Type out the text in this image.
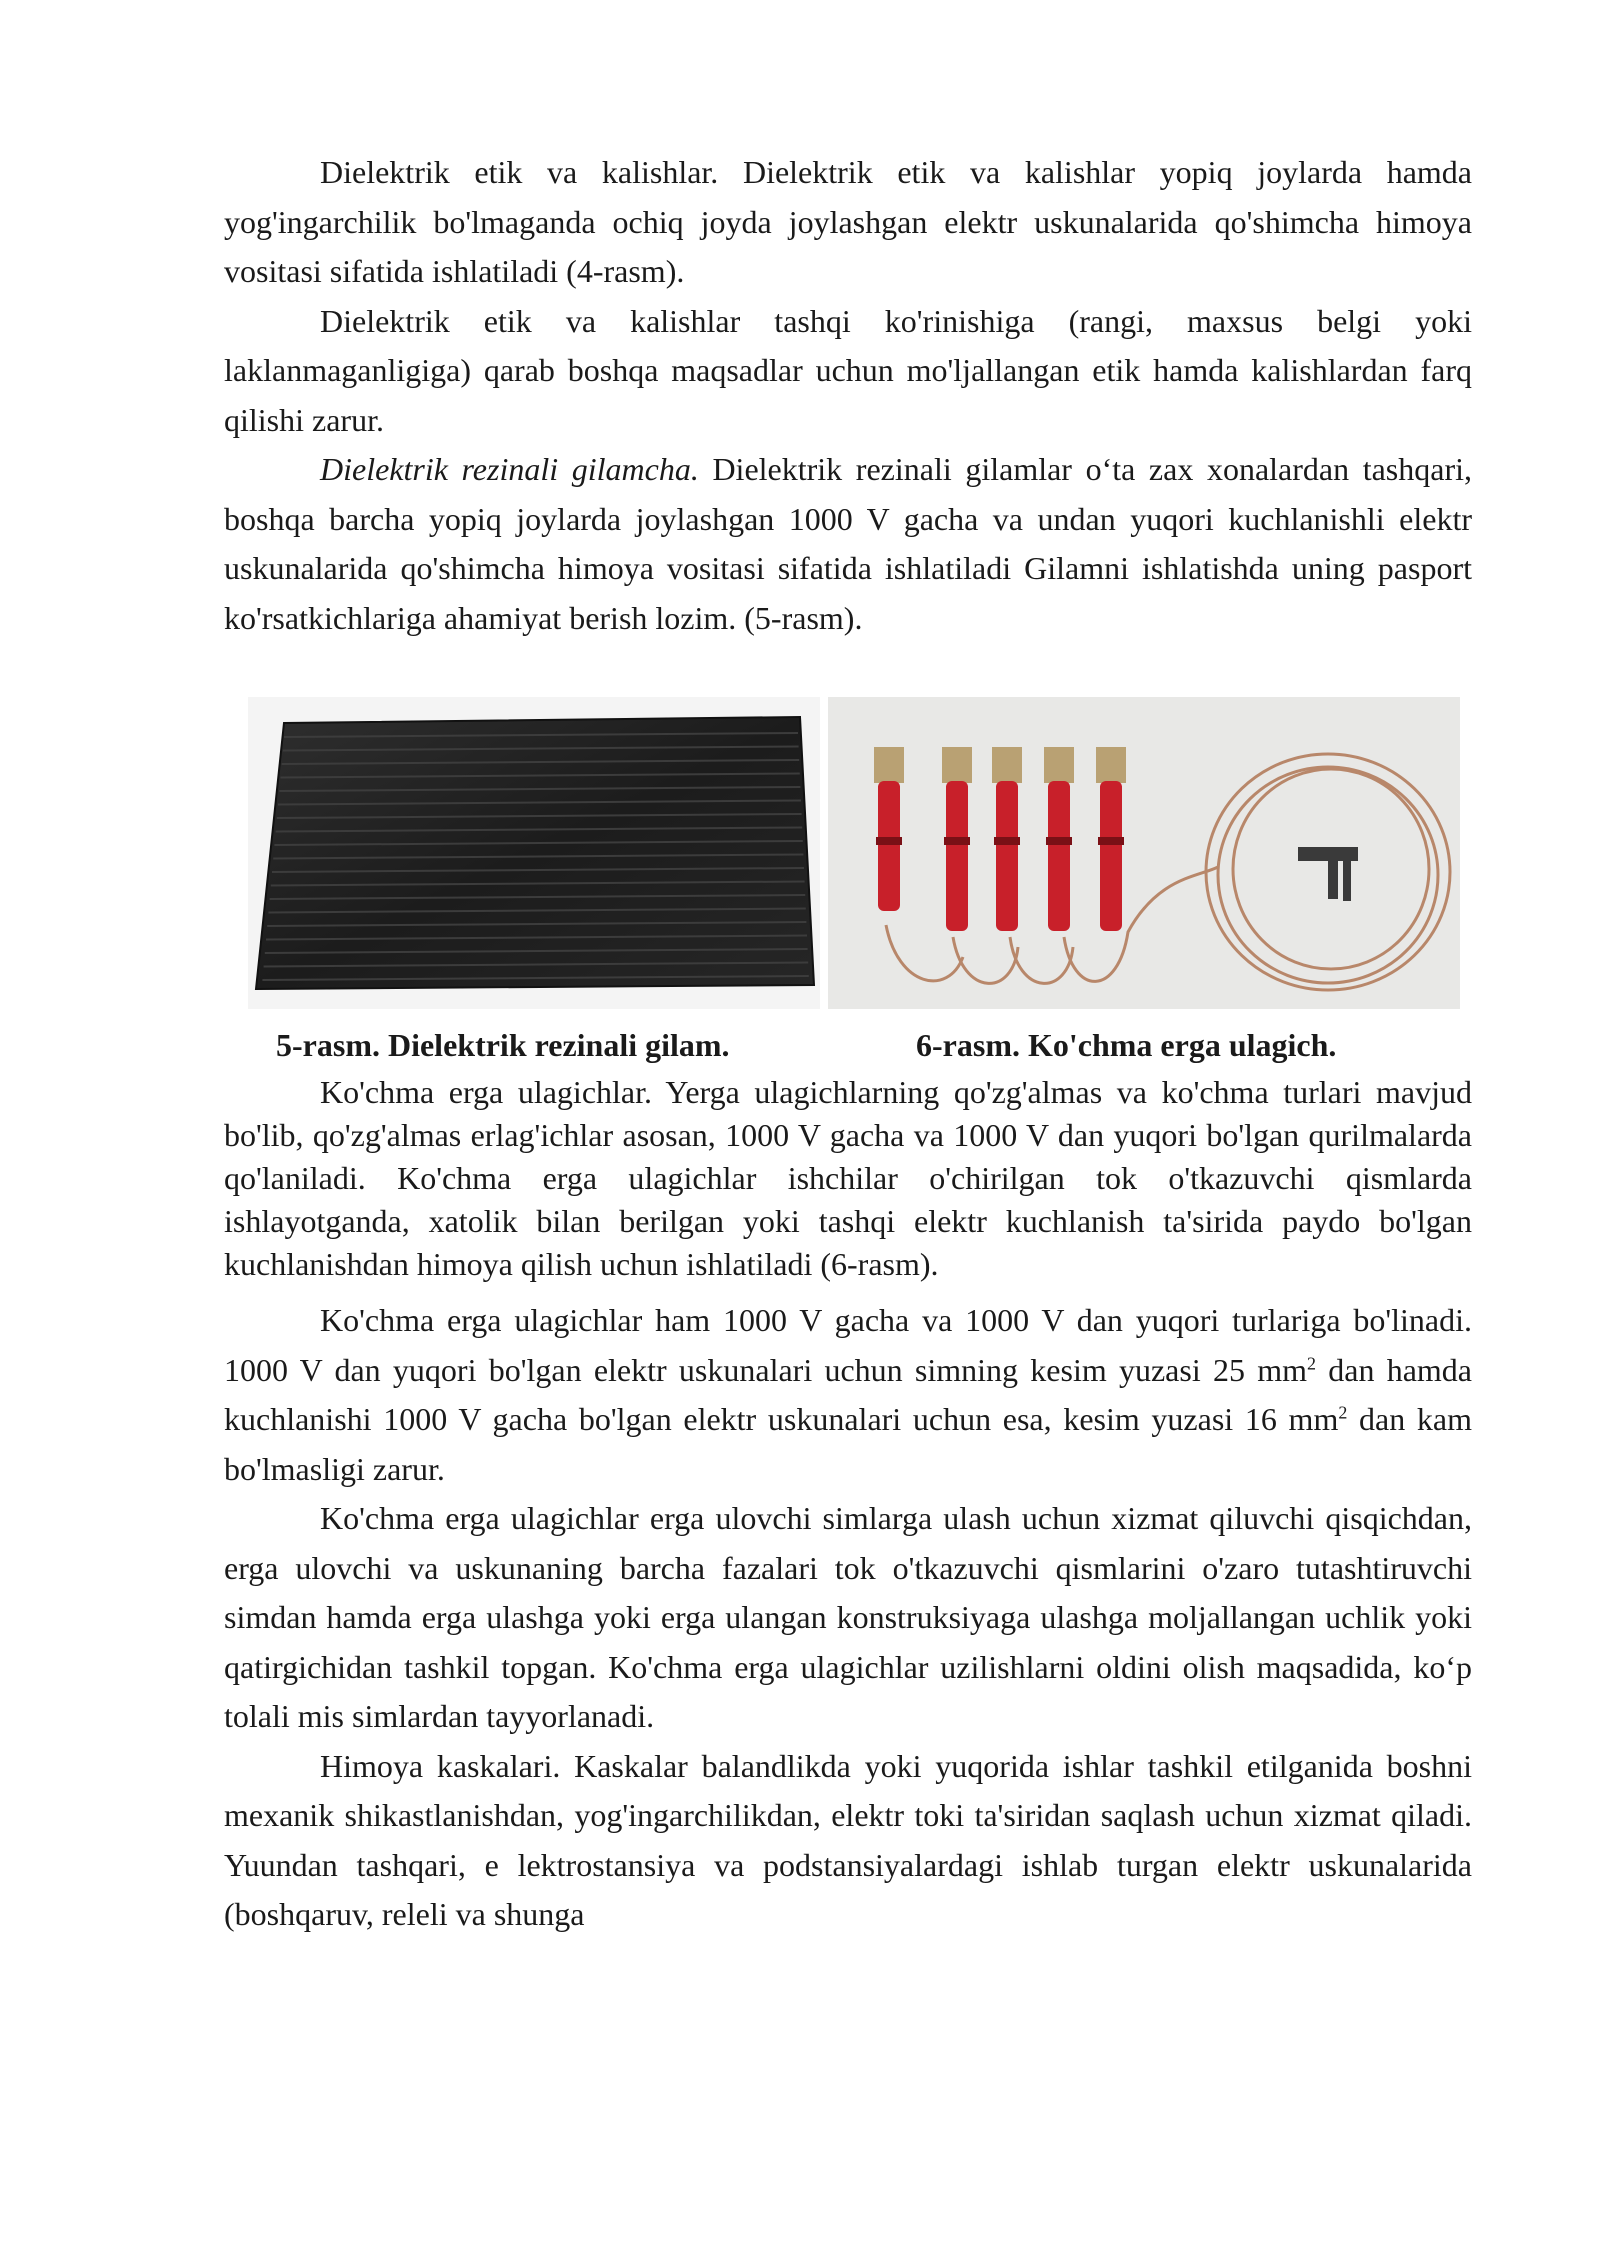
Dielektrik etik va kalishlar. Dielektrik etik va kalishlar yopiq joylarda hamda yog'ingarchilik bo'lmaganda ochiq joyda joylashgan elektr uskunalarida qo'shimcha himoya vositasi sifatida ishlatiladi (4-rasm).

Dielektrik etik va kalishlar tashqi ko'rinishiga (rangi, maxsus belgi yoki laklanmaganligiga) qarab boshqa maqsadlar uchun mo'ljallangan etik hamda kalishlardan farq qilishi zarur.

Dielektrik rezinali gilamcha. Dielektrik rezinali gilamlar o‘ta zax xonalardan tashqari, boshqa barcha yopiq joylarda joylashgan 1000 V gacha va undan yuqori kuchlanishli elektr uskunalarida qo'shimcha himoya vositasi sifatida ishlatiladi Gilamni ishlatishda uning pasport ko'rsatkichlariga ahamiyat berish lozim. (5-rasm).

5-rasm. Dielektrik rezinali gilam.	6-rasm. Ko'chma erga ulagich.

Ko'chma erga ulagichlar. Yerga ulagichlarning qo'zg'almas va ko'chma turlari mavjud bo'lib, qo'zg'almas erlag'ichlar asosan, 1000 V gacha va 1000 V dan yuqori bo'lgan qurilmalarda qo'laniladi. Ko'chma erga ulagichlar ishchilar o'chirilgan tok o'tkazuvchi qismlarda ishlayotganda, xatolik bilan berilgan yoki tashqi elektr kuchlanish ta'sirida paydo bo'lgan kuchlanishdan himoya qilish uchun ishlatiladi (6-rasm).

Ko'chma erga ulagichlar ham 1000 V gacha va 1000 V dan yuqori turlariga bo'linadi. 1000 V dan yuqori bo'lgan elektr uskunalari uchun simning kesim yuzasi 25 $mm^2$ dan hamda kuchlanishi 1000 V gacha bo'lgan elektr uskunalari uchun esa, kesim yuzasi 16 $mm^2$ dan kam bo'lmasligi zarur.

Ko'chma erga ulagichlar erga ulovchi simlarga ulash uchun xizmat qiluvchi qisqichdan, erga ulovchi va uskunaning barcha fazalari tok o'tkazuvchi qismlarini o'zaro tutashtiruvchi simdan hamda erga ulashga yoki erga ulangan konstruksiyaga ulashga moljallangan uchlik yoki qatirgichidan tashkil topgan. Ko'chma erga ulagichlar uzilishlarni oldini olish maqsadida, ko‘p tolali mis simlardan tayyorlanadi.

Himoya kaskalari. Kaskalar balandlikda yoki yuqorida ishlar tashkil etilganida boshni mexanik shikastlanishdan, yog'ingarchilikdan, elektr toki ta'siridan saqlash uchun xizmat qiladi. Yuundan tashqari, e lektrostansiya va podstansiyalardagi ishlab turgan elektr uskunalarida (boshqaruv, releli va shunga
